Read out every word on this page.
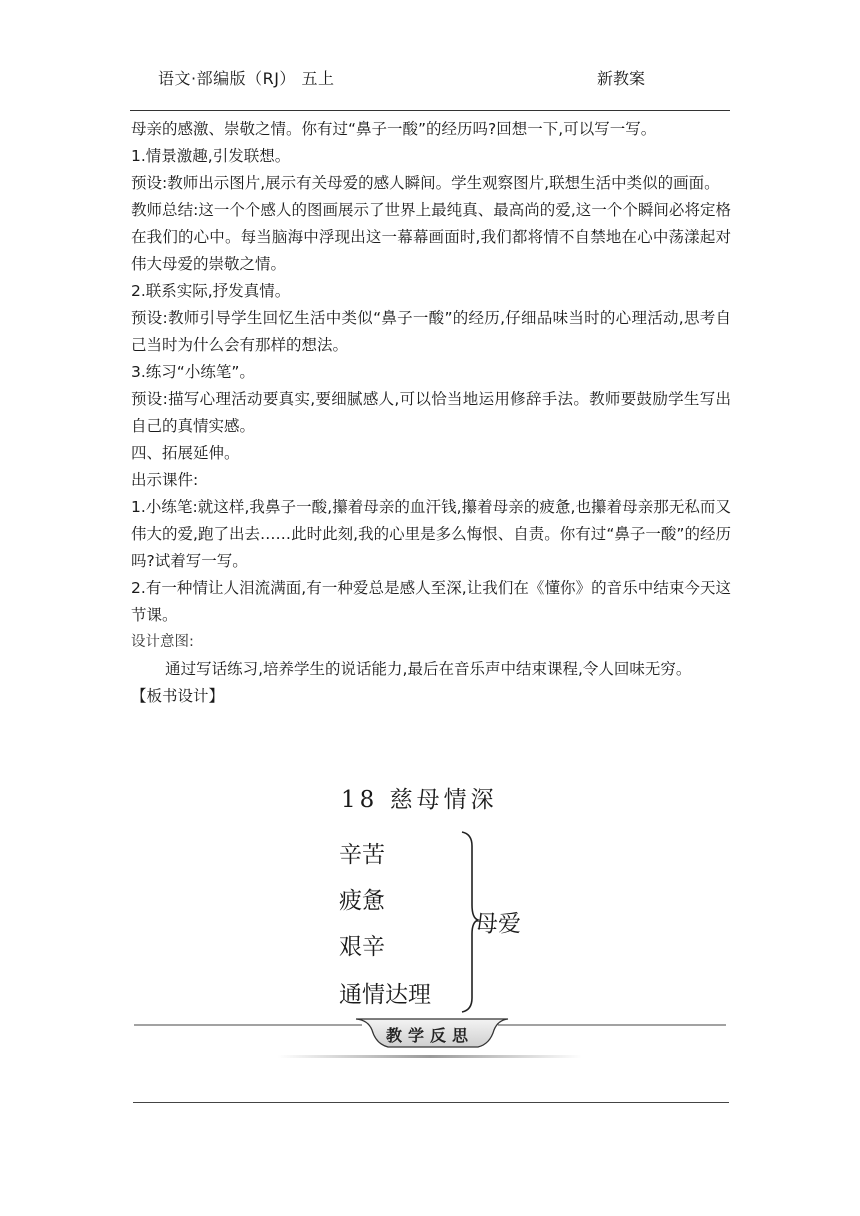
语文·部编版（RJ） 五上	新教案

母亲的感激、崇敬之情。你有过“鼻子一酸”的经历吗?回想一下,可以写一写。

1.情景激趣,引发联想。

预设:教师出示图片,展示有关母爱的感人瞬间。学生观察图片,联想生活中类似的画面。

教师总结:这一个个感人的图画展示了世界上最纯真、最高尚的爱,这一个个瞬间必将定格在我们的心中。每当脑海中浮现出这一幕幕画面时,我们都将情不自禁地在心中荡漾起对伟大母爱的崇敬之情。

2.联系实际,抒发真情。

预设:教师引导学生回忆生活中类似“鼻子一酸”的经历,仔细品味当时的心理活动,思考自己当时为什么会有那样的想法。

3.练习“小练笔”。

预设:描写心理活动要真实,要细腻感人,可以恰当地运用修辞手法。教师要鼓励学生写出自己的真情实感。

四、拓展延伸。

出示课件:

1.小练笔:就这样,我鼻子一酸,攥着母亲的血汗钱,攥着母亲的疲惫,也攥着母亲那无私而又伟大的爱,跑了出去……此时此刻,我的心里是多么悔恨、自责。你有过“鼻子一酸”的经历吗?试着写一写。

2.有一种情让人泪流满面,有一种爱总是感人至深,让我们在《懂你》的音乐中结束今天这节课。

设计意图:

通过写话练习,培养学生的说话能力,最后在音乐声中结束课程,令人回味无穷。

【板书设计】

18 慈母情深
辛苦
疲惫
艰辛
通情达理
母爱
教学反思
